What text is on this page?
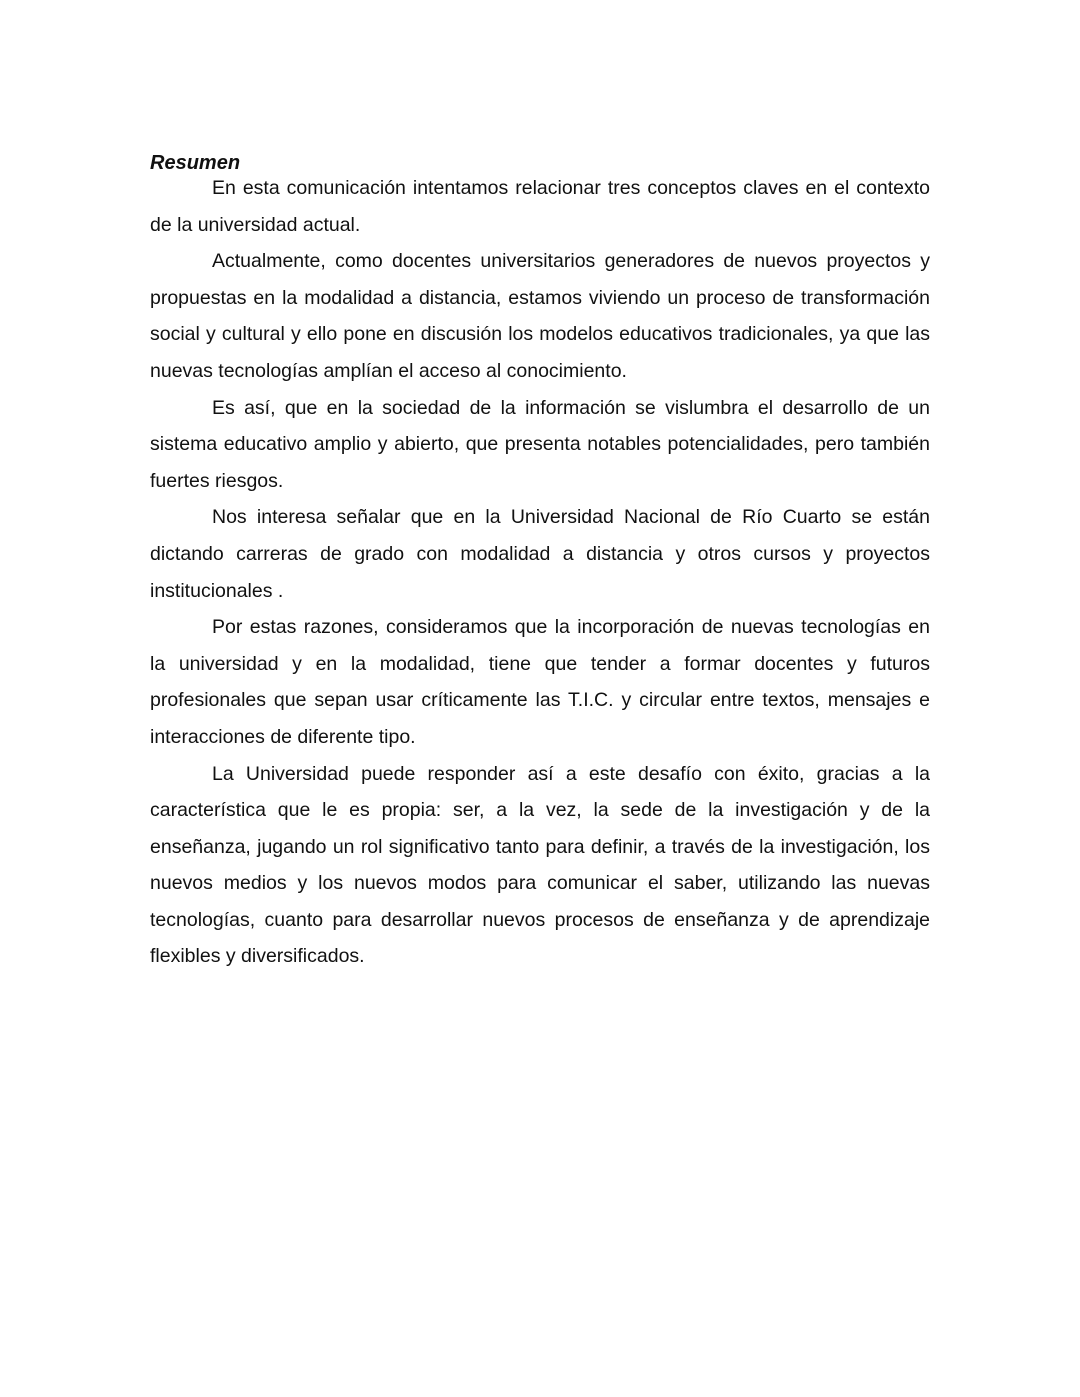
Resumen

En esta comunicación intentamos relacionar tres conceptos claves en el contexto de la universidad actual.

Actualmente, como docentes universitarios generadores de nuevos proyectos y propuestas en la modalidad a distancia, estamos viviendo un proceso de transformación social y cultural y ello pone en discusión los modelos educativos tradicionales, ya que las nuevas tecnologías amplían el acceso al conocimiento.

Es así, que en la sociedad de la información se vislumbra el desarrollo de un sistema educativo amplio y abierto, que presenta notables potencialidades, pero también fuertes riesgos.

Nos interesa señalar que en la Universidad Nacional de Río Cuarto se están dictando carreras de grado con modalidad a distancia y otros cursos y proyectos institucionales .

Por estas razones, consideramos que la incorporación de nuevas tecnologías en la universidad y en la modalidad, tiene que tender a formar docentes y futuros profesionales que sepan usar críticamente las T.I.C. y circular entre textos, mensajes e interacciones de diferente tipo.

La Universidad puede responder así a este desafío con éxito, gracias a la característica que le es propia: ser, a la vez, la sede de la investigación y de la enseñanza, jugando un rol significativo tanto para definir, a través de la investigación, los nuevos medios y los nuevos modos para comunicar el saber, utilizando las nuevas tecnologías, cuanto para desarrollar nuevos procesos de enseñanza y de aprendizaje flexibles y diversificados.
